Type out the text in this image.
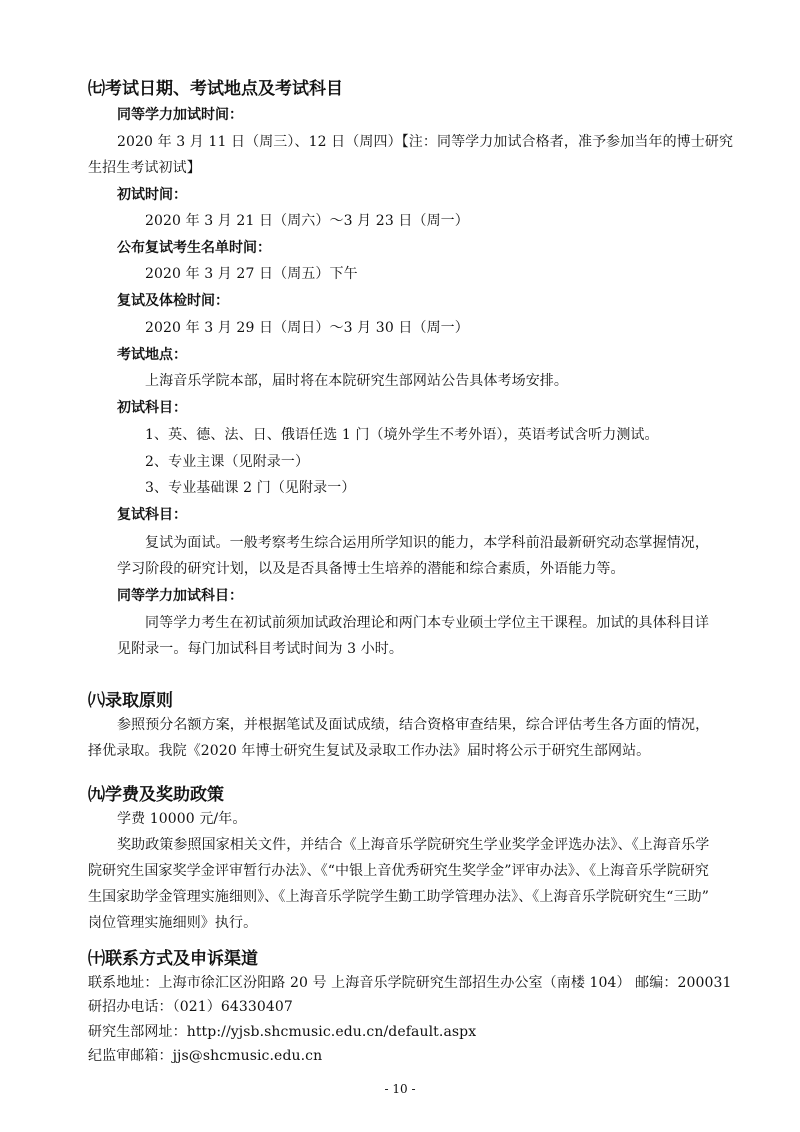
㈦考试日期、考试地点及考试科目
同等学力加试时间：
2020 年 3 月 11 日（周三）、12 日（周四）【注：同等学力加试合格者，准予参加当年的博士研究
生招生考试初试】
初试时间：
2020 年 3 月 21 日（周六）～3 月 23 日（周一）
公布复试考生名单时间：
2020 年 3 月 27 日（周五）下午
复试及体检时间：
2020 年 3 月 29 日（周日）～3 月 30 日（周一）
考试地点：
上海音乐学院本部，届时将在本院研究生部网站公告具体考场安排。
初试科目：
1、英、德、法、日、俄语任选 1 门（境外学生不考外语），英语考试含听力测试。
2、专业主课（见附录一）
3、专业基础课 2 门（见附录一）
复试科目：
复试为面试。一般考察考生综合运用所学知识的能力，本学科前沿最新研究动态掌握情况，
学习阶段的研究计划，以及是否具备博士生培养的潜能和综合素质，外语能力等。
同等学力加试科目：
同等学力考生在初试前须加试政治理论和两门本专业硕士学位主干课程。加试的具体科目详
见附录一。每门加试科目考试时间为 3 小时。
㈧录取原则
参照预分名额方案，并根据笔试及面试成绩，结合资格审查结果，综合评估考生各方面的情况，
择优录取。我院《2020 年博士研究生复试及录取工作办法》届时将公示于研究生部网站。
㈨学费及奖助政策
学费 10000 元/年。
奖助政策参照国家相关文件，并结合《上海音乐学院研究生学业奖学金评选办法》、《上海音乐学
院研究生国家奖学金评审暂行办法》、《“中银上音优秀研究生奖学金”评审办法》、《上海音乐学院研究
生国家助学金管理实施细则》、《上海音乐学院学生勤工助学管理办法》、《上海音乐学院研究生“三助”
岗位管理实施细则》执行。
㈩联系方式及申诉渠道
联系地址：上海市徐汇区汾阳路 20 号 上海音乐学院研究生部招生办公室（南楼 104） 邮编：200031
研招办电话：（021）64330407
研究生部网址：http://yjsb.shcmusic.edu.cn/default.aspx
纪监审邮箱：jjs@shcmusic.edu.cn
- 10 -
